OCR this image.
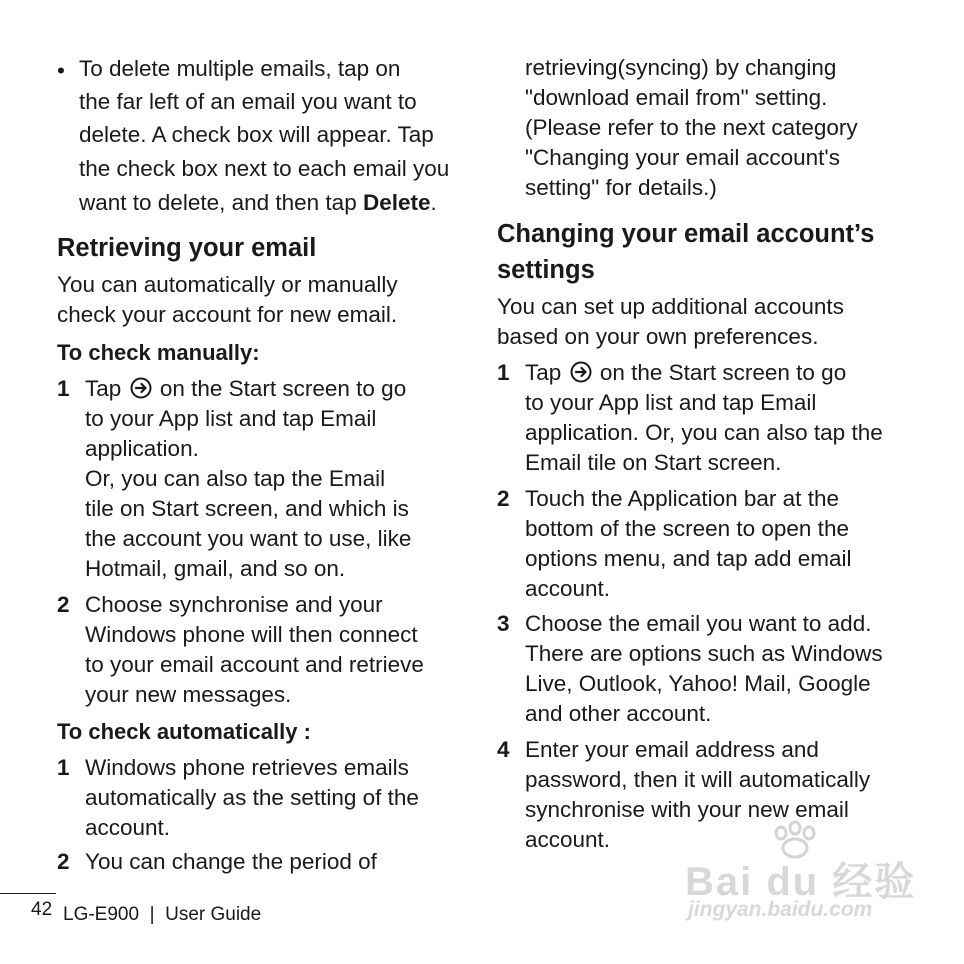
• To delete multiple emails, tap on

the far left of an email you want to

delete. A check box will appear. Tap

the check box next to each email you

want to delete, and then tap Delete.

Retrieving your email

You can automatically or manually

check your account for new email.

To check manually:

1 Tap on the Start screen to go
to your App list and tap Email
application.
Or, you can also tap the Email
tile on Start screen, and which is
the account you want to use, like
Hotmail, gmail, and so on.
2 Choose synchronise and your
Windows phone will then connect
to your email account and retrieve
your new messages.

To check automatically :

1 Windows phone retrieves emails
automatically as the setting of the
account.
2 You can change the period of

retrieving(syncing) by changing

"download email from" setting.

(Please refer to the next category

"Changing your email account's

setting" for details.)

Changing your email account’s
settings

You can set up additional accounts

based on your own preferences.

1 Tap on the Start screen to go
to your App list and tap Email
application. Or, you can also tap the
Email tile on Start screen.
2 Touch the Application bar at the
bottom of the screen to open the
options menu, and tap add email
account.
3 Choose the email you want to add.
There are options such as Windows
Live, Outlook, Yahoo! Mail, Google
and other account.
4 Enter your email address and
password, then it will automatically
synchronise with your new email
account.
Bai du 经验
jingyan.baidu.com
42 LG-E900  |  User Guide
